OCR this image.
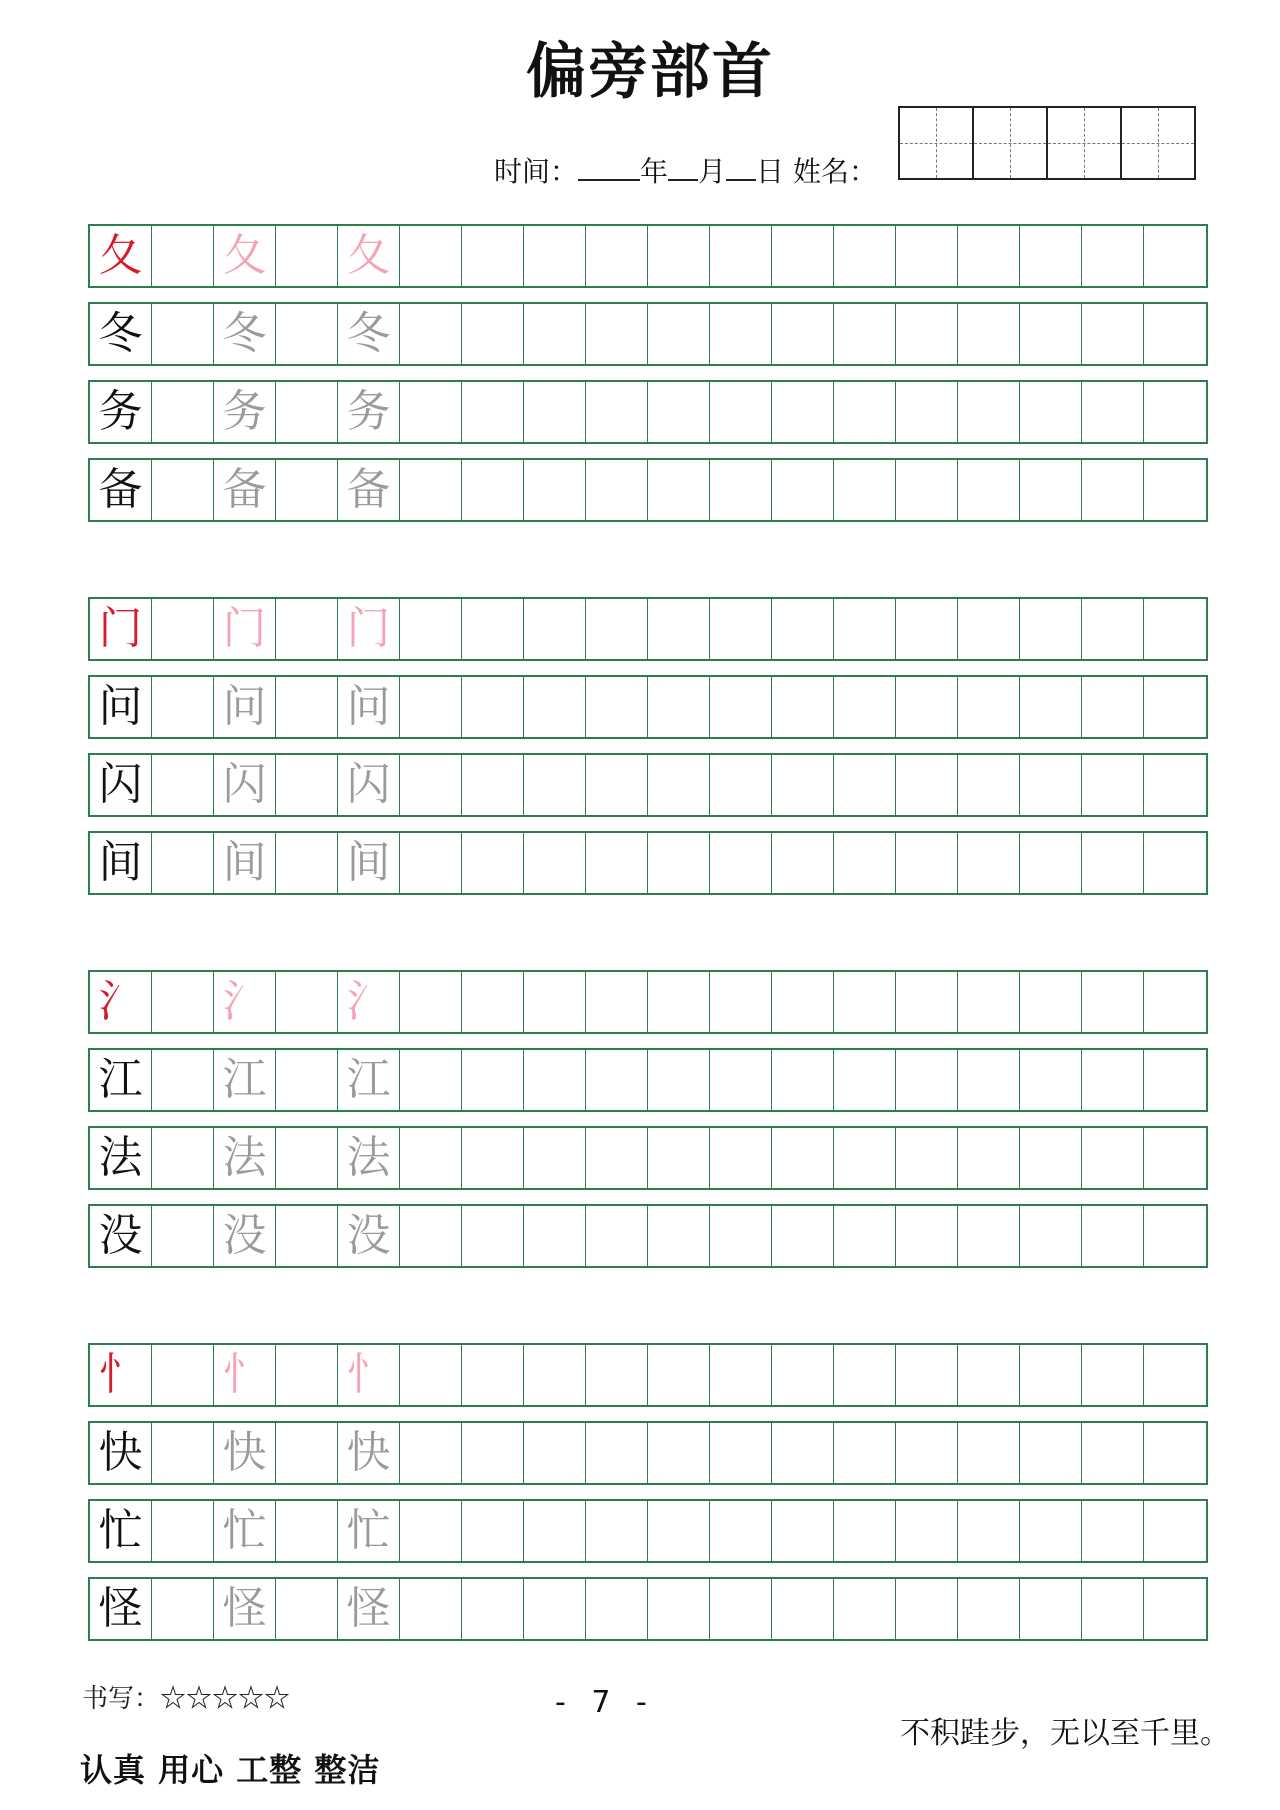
偏旁部首
时间： 年 月 日 姓名：
夂 夂 夂
冬 冬 冬
务 务 务
备 备 备
门 门 门
问 问 问
闪 闪 闪
间 间 间
氵 氵 氵
江 江 江
法 法 法
没 没 没
忄 忄 忄
快 快 快
忙 忙 忙
怪 怪 怪
书写：☆☆☆☆☆	- 7 -
认真 用心 工整 整洁
不积跬步，无以至千里。
